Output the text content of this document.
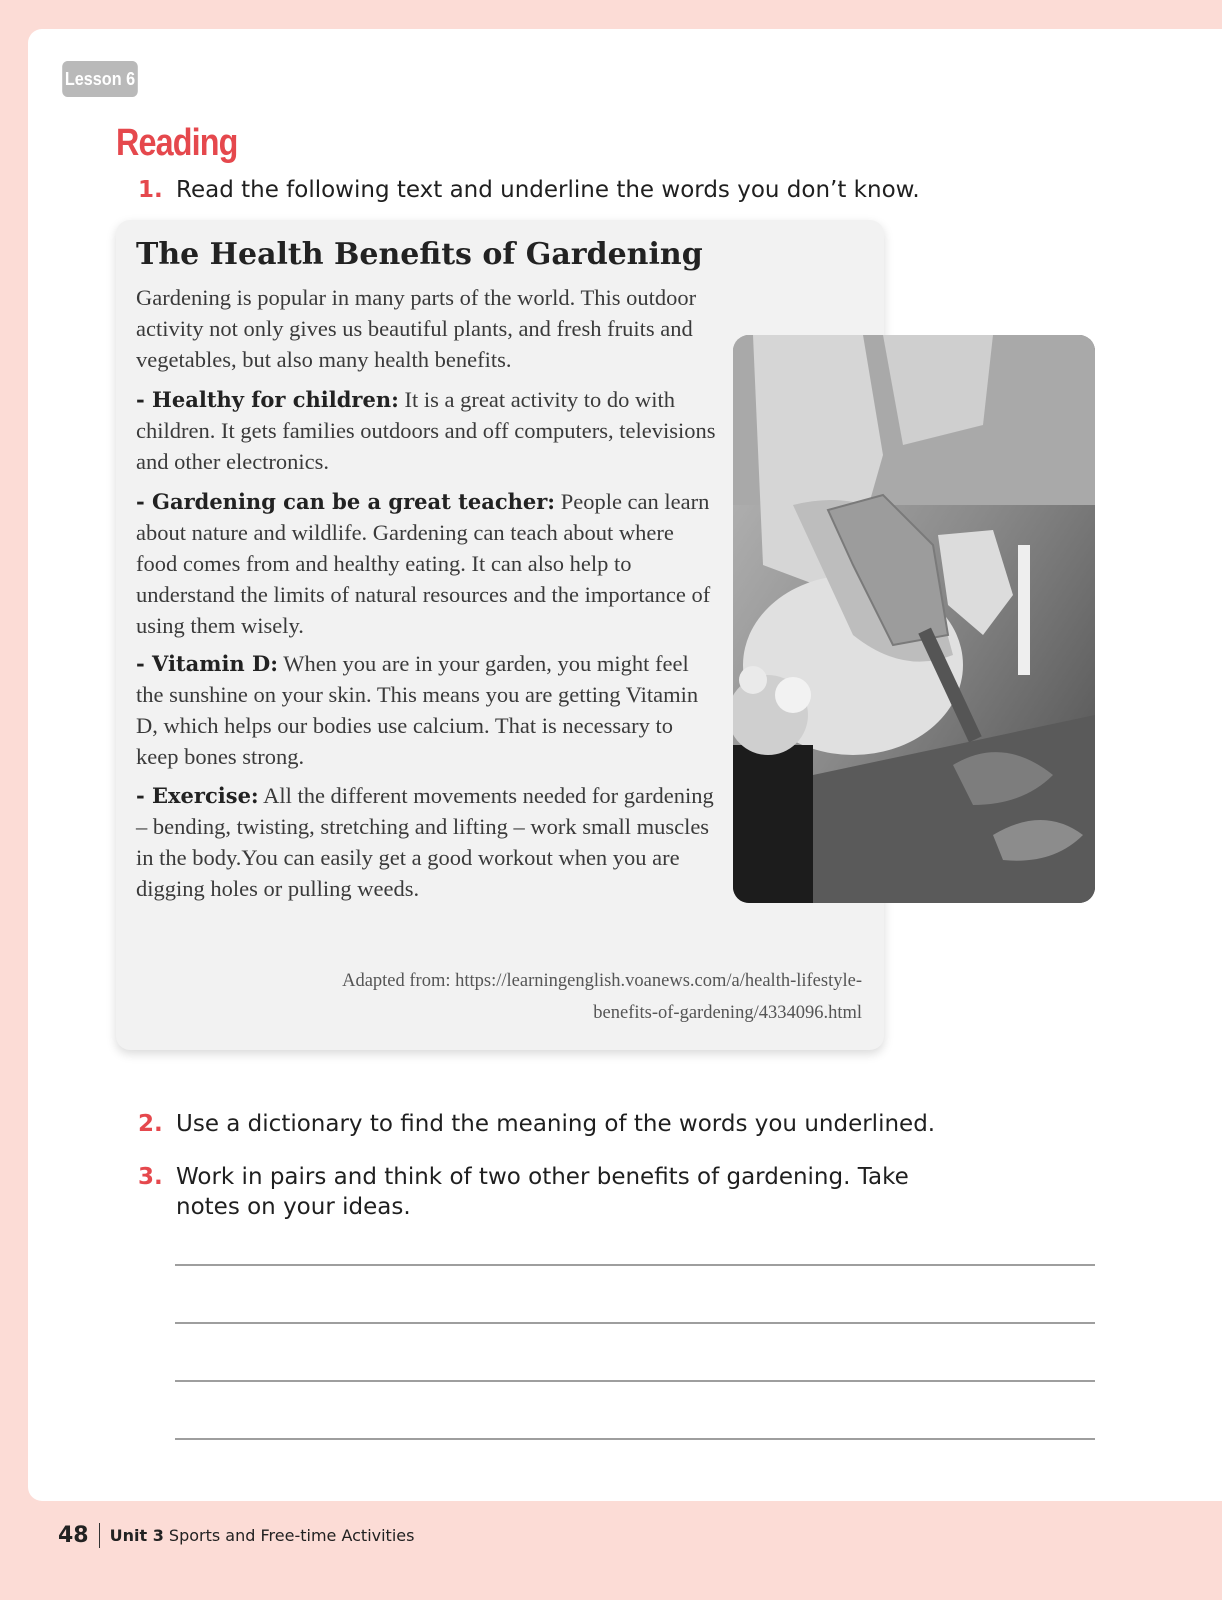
Lesson 6
Reading
1. Read the following text and underline the words you don’t know.
The Health Benefits of Gardening
Gardening is popular in many parts of the world. This outdoor activity not only gives us beautiful plants, and fresh fruits and vegetables, but also many health benefits.
- Healthy for children: It is a great activity to do with children. It gets families outdoors and off computers, televisions and other electronics.
- Gardening can be a great teacher: People can learn about nature and wildlife. Gardening can teach about where food comes from and healthy eating. It can also help to understand the limits of natural resources and the importance of using them wisely.
- Vitamin D: When you are in your garden, you might feel the sunshine on your skin. This means you are getting Vitamin D, which helps our bodies use calcium. That is necessary to keep bones strong.
- Exercise: All the different movements needed for gardening – bending, twisting, stretching and lifting – work small muscles in the body.You can easily get a good workout when you are digging holes or pulling weeds.
Adapted from: https://learningenglish.voanews.com/a/health-lifestyle-
benefits-of-gardening/4334096.html
2. Use a dictionary to find the meaning of the words you underlined.
3. Work in pairs and think of two other benefits of gardening. Take notes on your ideas.
48	Unit 3 Sports and Free-time Activities
